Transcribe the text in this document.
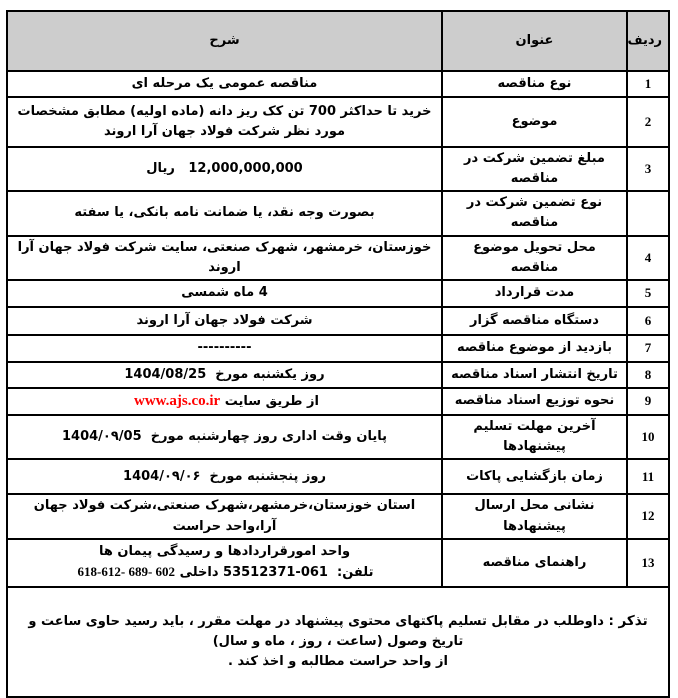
ردیف	عنوان	شرح
1	نوع مناقصه	مناقصه عمومی یک مرحله ای
2	موضوع	خرید تا حداکثر 700 تن کک ریز دانه (ماده اولیه) مطابق مشخصات مورد نظر شرکت فولاد جهان آرا اروند
3	مبلغ تضمین شرکت در مناقصه	12,000,000,000   ریال
	نوع تضمین شرکت در مناقصه	بصورت وجه نقد، یا ضمانت نامه بانکی، یا سفته
4	محل تحویل موضوع مناقصه	خوزستان، خرمشهر، شهرک صنعتی، سایت شرکت فولاد جهان آرا اروند
5	مدت قرارداد	4 ماه شمسی
6	دستگاه مناقصه گزار	شرکت فولاد جهان آرا اروند
7	بازدید از موضوع مناقصه	----------
8	تاریخ انتشار اسناد مناقصه	روز یکشنبه مورخ  1404/08/25
9	نحوه توزیع اسناد مناقصه	از طریق سایت www.ajs.co.ir
10	آخرین مهلت تسلیم پیشنهادها	پایان وقت اداری روز چهارشنبه مورخ  1404/۰۹/05
11	زمان بازگشایی پاکات	روز پنجشنبه مورخ  1404/۰۹/۰۶
12	نشانی محل ارسال پیشنهادها	استان خوزستان،خرمشهر،شهرک صنعتی،شرکت فولاد جهان آرا،واحد حراست
13	راهنمای مناقصه	واحد امورقراردادها و رسیدگی پیمان ها
تلفن:  061-53512371 داخلی 618-612- 689- 602

تذکر : داوطلب در مقابل تسلیم پاکتهای محتوی پیشنهاد در مهلت مقرر ، باید رسید حاوی ساعت و تاریخ وصول (ساعت ، روز ، ماه و سال)
از واحد حراست مطالبه و اخذ کند .		
